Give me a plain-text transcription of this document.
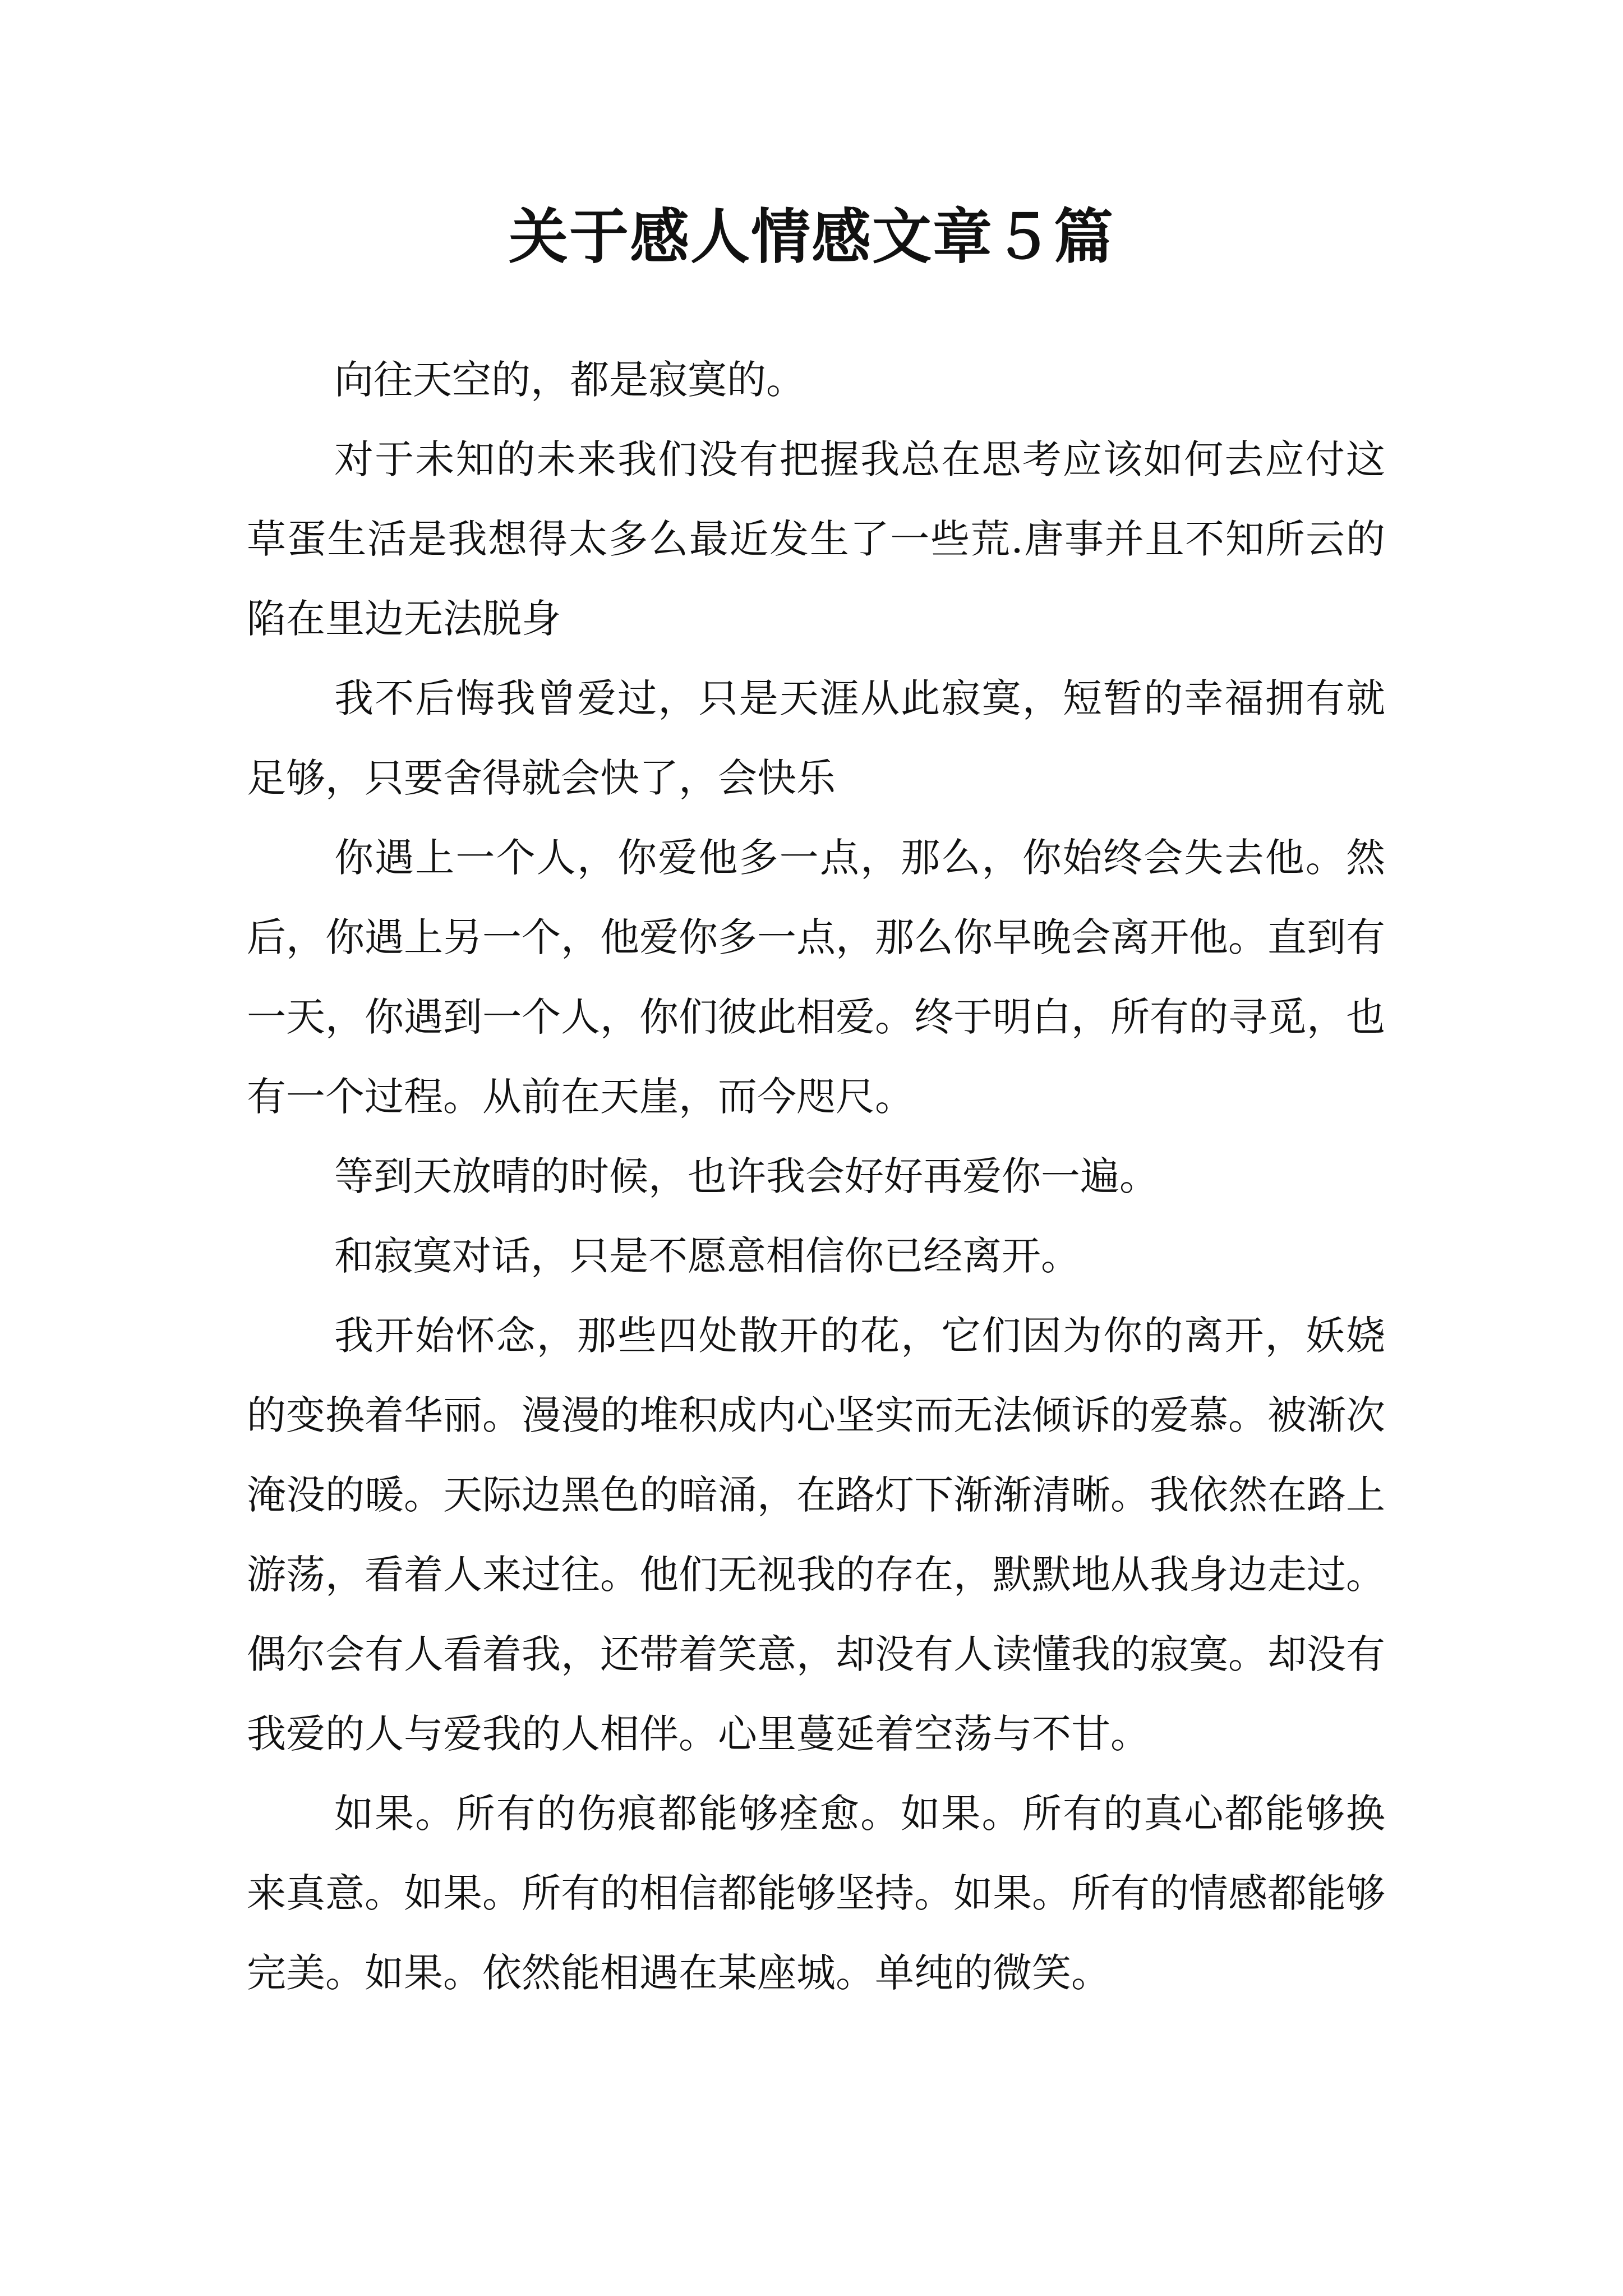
关于感人情感文章５篇

向往天空的，都是寂寞的。

对于未知的未来我们没有把握我总在思考应该如何去应付这草蛋生活是我想得太多么最近发生了一些荒.唐事并且不知所云的陷在里边无法脱身

我不后悔我曾爱过，只是天涯从此寂寞，短暂的幸福拥有就足够，只要舍得就会快了，会快乐

你遇上一个人，你爱他多一点，那么，你始终会失去他。然后，你遇上另一个，他爱你多一点，那么你早晚会离开他。直到有一天，你遇到一个人，你们彼此相爱。终于明白，所有的寻觅，也有一个过程。从前在天崖，而今咫尺。

等到天放晴的时候，也许我会好好再爱你一遍。

和寂寞对话，只是不愿意相信你已经离开。

我开始怀念，那些四处散开的花，它们因为你的离开，妖娆的变换着华丽。漫漫的堆积成内心坚实而无法倾诉的爱慕。被渐次淹没的暖。天际边黑色的暗涌，在路灯下渐渐清晰。我依然在路上游荡，看着人来过往。他们无视我的存在，默默地从我身边走过。偶尔会有人看着我，还带着笑意，却没有人读懂我的寂寞。却没有我爱的人与爱我的人相伴。心里蔓延着空荡与不甘。

如果。所有的伤痕都能够痊愈。如果。所有的真心都能够换来真意。如果。所有的相信都能够坚持。如果。所有的情感都能够完美。如果。依然能相遇在某座城。单纯的微笑。
